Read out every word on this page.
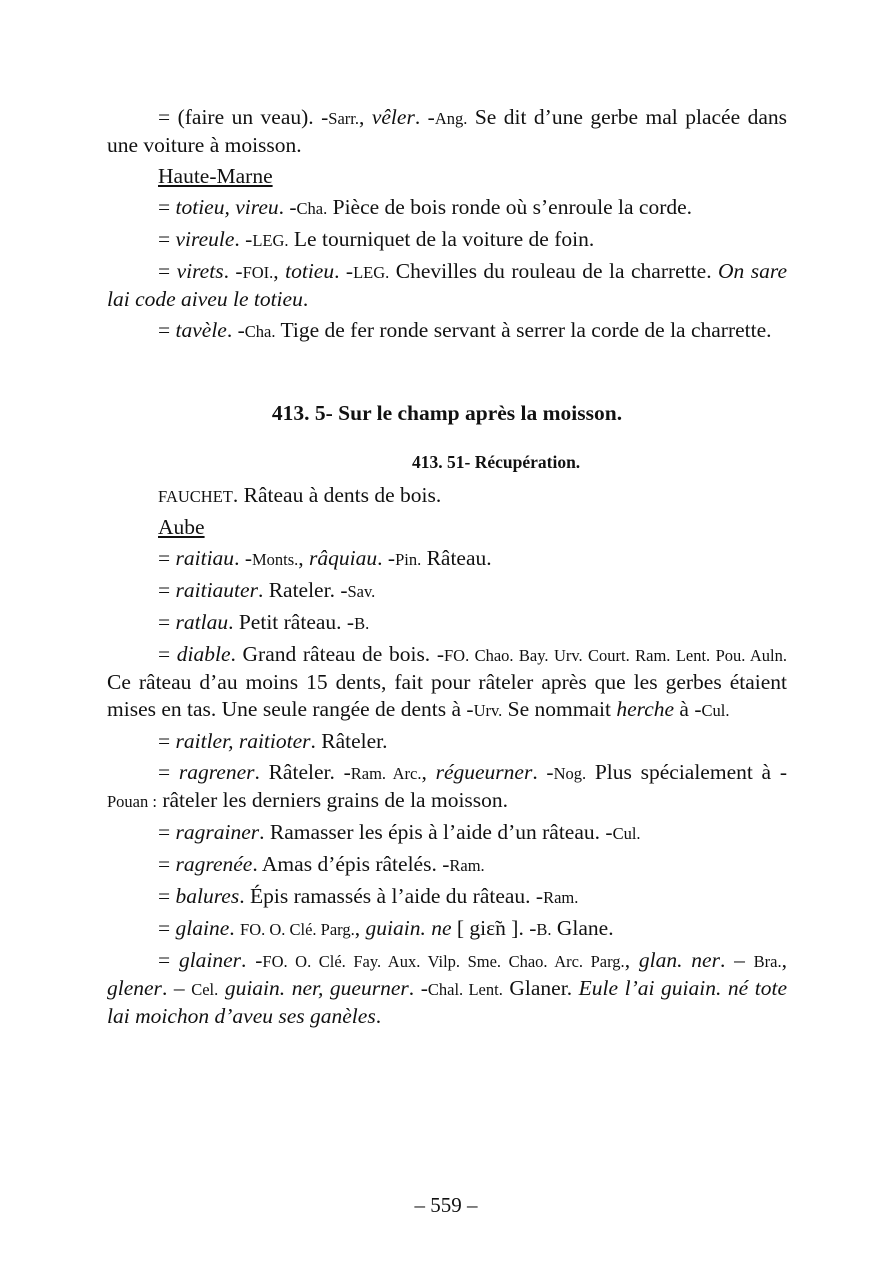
= (faire un veau). -Sarr., vêler. -Ang. Se dit d’une gerbe mal placée dans une voiture à moisson.
Haute-Marne
= totieu, vireu. -Cha. Pièce de bois ronde où s’enroule la corde.
= vireule. -LEG. Le tourniquet de la voiture de foin.
= virets. -FOI., totieu. -LEG. Chevilles du rouleau de la charrette. On sare lai code aiveu le totieu.
= tavèle. -Cha. Tige de fer ronde servant à serrer la corde de la charrette.
413. 5- Sur le champ après la moisson.
413. 51- Récupération.
FAUCHET. Râteau à dents de bois.
Aube
= raitiau. -Monts., râquiau. -Pin. Râteau.
= raitiauter. Rateler. -Sav.
= ratlau. Petit râteau. -B.
= diable. Grand râteau de bois. -FO. Chao. Bay. Urv. Court. Ram. Lent. Pou. Auln. Ce râteau d’au moins 15 dents, fait pour râteler après que les gerbes étaient mises en tas. Une seule rangée de dents à -Urv. Se nommait herche à -Cul.
= raitler, raitioter. Râteler.
= ragrener. Râteler. -Ram. Arc., régueurner. -Nog. Plus spécialement à -Pouan : râteler les derniers grains de la moisson.
= ragrainer. Ramasser les épis à l’aide d’un râteau. -Cul.
= ragrenée. Amas d’épis râtelés. -Ram.
= balures. Épis ramassés à l’aide du râteau. -Ram.
= glaine. FO. O. Clé. Parg., guiain. ne [ giɛ̃n ]. -B. Glane.
= glainer. -FO. O. Clé. Fay. Aux. Vilp. Sme. Chao. Arc. Parg., glan. ner. – Bra., glener. – Cel. guiain. ner, gueurner. -Chal. Lent. Glaner. Eule l’ai guiain. né tote lai moichon d’aveu ses ganèles.
– 559 –
